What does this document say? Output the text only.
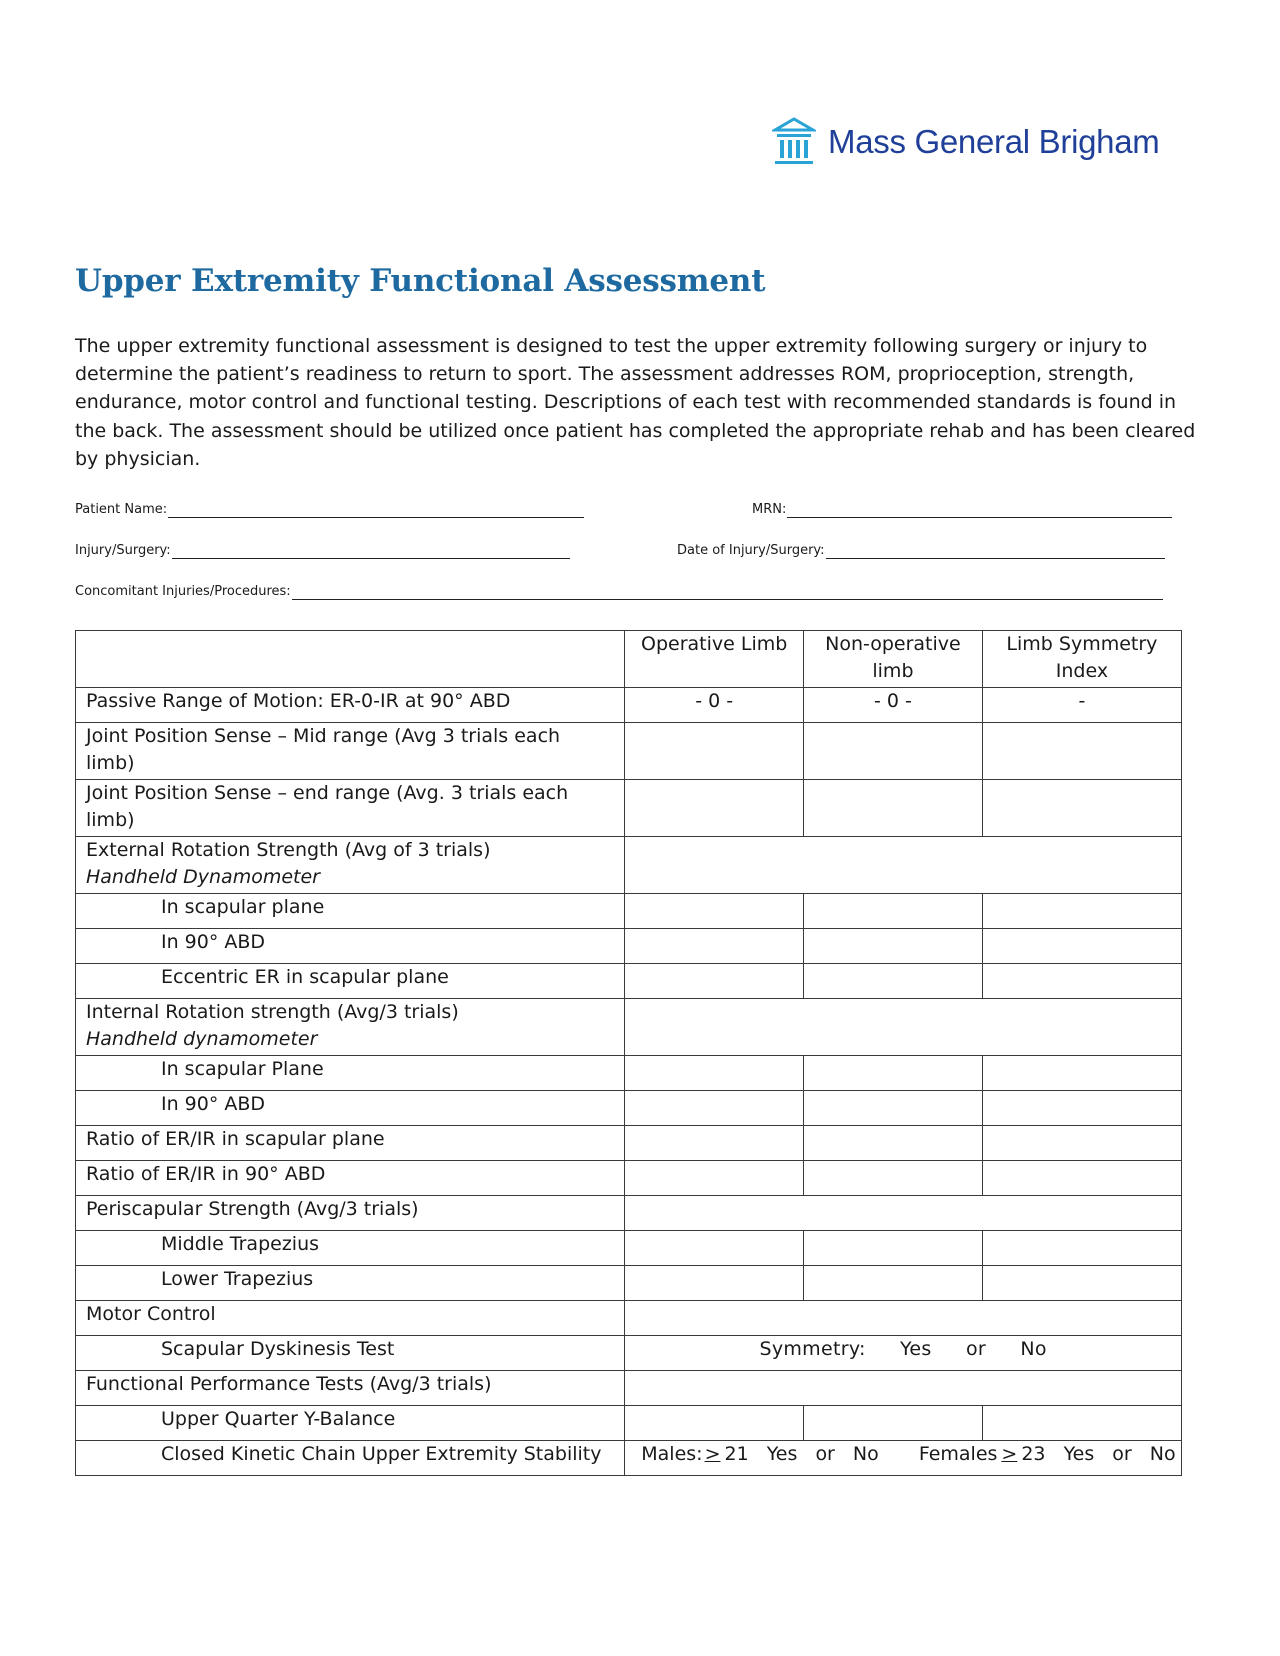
Mass General Brigham
Upper Extremity Functional Assessment

The upper extremity functional assessment is designed to test the upper extremity following surgery or injury to determine the patient’s readiness to return to sport. The assessment addresses ROM, proprioception, strength, endurance, motor control and functional testing. Descriptions of each test with recommended standards is found in the back. The assessment should be utilized once patient has completed the appropriate rehab and has been cleared by physician.

Patient Name:	MRN:
Injury/Surgery:	Date of Injury/Surgery:
Concomitant Injuries/Procedures:
	Operative Limb	Non-operative limb	Limb Symmetry Index
Passive Range of Motion: ER-0-IR at 90° ABD	- 0 -	- 0 -	-
Joint Position Sense – Mid range (Avg 3 trials each limb)			
Joint Position Sense – end range (Avg. 3 trials each limb)			

External Rotation Strength (Avg of 3 trials)
Handheld Dynamometer			

In scapular plane			
In 90° ABD			
Eccentric ER in scapular plane			

Internal Rotation strength (Avg/3 trials)
Handheld dynamometer			

In scapular Plane			
In 90° ABD			
Ratio of ER/IR in scapular plane			
Ratio of ER/IR in 90° ABD			
Periscapular Strength (Avg/3 trials)			
Middle Trapezius			
Lower Trapezius			
Motor Control			
Scapular Dyskinesis Test	Symmetry: Yes or No		
Functional Performance Tests (Avg/3 trials)			
Upper Quarter Y-Balance			
Closed Kinetic Chain Upper Extremity Stability	Males: > 21 Yes or No Females > 23 Yes or No		
